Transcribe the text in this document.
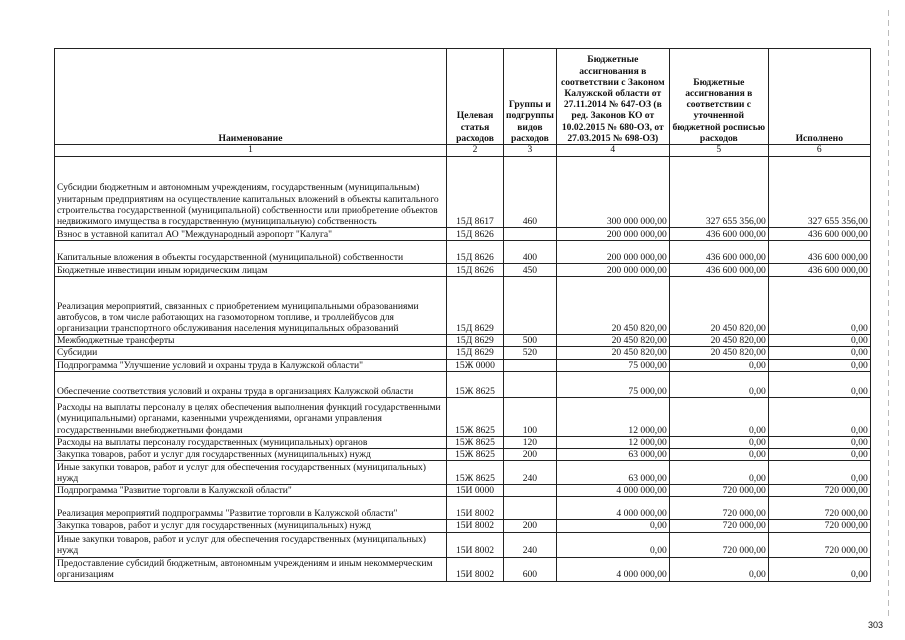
Наименование	Целевая статья расходов	Группы и подгруппы видов расходов	Бюджетные ассигнования в соответствии с Законом Калужской области от 27.11.2014 № 647-ОЗ (в ред. Законов КО от 10.02.2015 № 680-ОЗ, от 27.03.2015 № 698-ОЗ)	Бюджетные ассигнования в соответствии с уточненной бюджетной росписью расходов	Исполнено
1	2	3	4	5	6
Субсидии бюджетным и автономным учреждениям, государственным (муниципальным) унитарным предприятиям на осуществление капитальных вложений в объекты капитального строительства государственной (муниципальной) собственности или приобретение объектов недвижимого имущества в государственную (муниципальную) собственность	15Д 8617	460	300 000 000,00	327 655 356,00	327 655 356,00
Взнос в уставной капитал АО "Международный аэропорт "Калуга"	15Д 8626		200 000 000,00	436 600 000,00	436 600 000,00
Капитальные вложения в объекты государственной (муниципальной) собственности	15Д 8626	400	200 000 000,00	436 600 000,00	436 600 000,00
Бюджетные инвестиции иным юридическим лицам	15Д 8626	450	200 000 000,00	436 600 000,00	436 600 000,00
Реализация мероприятий, связанных с приобретением муниципальными образованиями автобусов, в том числе работающих на газомоторном топливе, и троллейбусов для организации транспортного обслуживания населения муниципальных образований	15Д 8629		20 450 820,00	20 450 820,00	0,00
Межбюджетные трансферты	15Д 8629	500	20 450 820,00	20 450 820,00	0,00
Субсидии	15Д 8629	520	20 450 820,00	20 450 820,00	0,00
Подпрограмма "Улучшение условий и охраны труда в Калужской области"	15Ж 0000		75 000,00	0,00	0,00
Обеспечение соответствия условий и охраны труда в организациях Калужской области	15Ж 8625		75 000,00	0,00	0,00
Расходы на выплаты персоналу в целях обеспечения выполнения функций государственными (муниципальными) органами, казенными учреждениями, органами управления государственными внебюджетными фондами	15Ж 8625	100	12 000,00	0,00	0,00
Расходы на выплаты персоналу государственных (муниципальных) органов	15Ж 8625	120	12 000,00	0,00	0,00
Закупка товаров, работ и услуг для государственных (муниципальных) нужд	15Ж 8625	200	63 000,00	0,00	0,00
Иные закупки товаров, работ и услуг для обеспечения государственных (муниципальных) нужд	15Ж 8625	240	63 000,00	0,00	0,00
Подпрограмма "Развитие торговли в Калужской области"	15И 0000		4 000 000,00	720 000,00	720 000,00
Реализация мероприятий подпрограммы "Развитие торговли в Калужской области"	15И 8002		4 000 000,00	720 000,00	720 000,00
Закупка товаров, работ и услуг для государственных (муниципальных) нужд	15И 8002	200	0,00	720 000,00	720 000,00
Иные закупки товаров, работ и услуг для обеспечения государственных (муниципальных) нужд	15И 8002	240	0,00	720 000,00	720 000,00
Предоставление субсидий бюджетным, автономным учреждениям и иным некоммерческим организациям	15И 8002	600	4 000 000,00	0,00	0,00
303
